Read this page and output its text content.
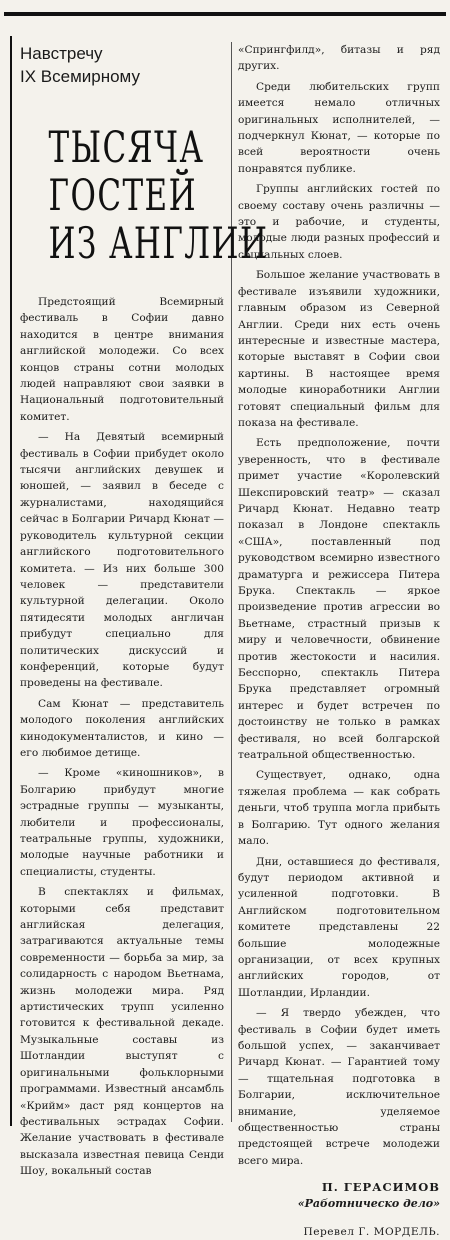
Навстречу
IX Всемирному
ТЫСЯЧА
ГОСТЕЙ
ИЗ АНГЛИИ

Предстоящий Всемирный фестиваль в Софии давно находится в центре внимания английской молодежи. Со всех концов страны сотни молодых людей направляют свои заявки в Национальный подготовительный комитет.

— На Девятый всемирный фестиваль в Софии прибудет около тысячи английских девушек и юношей, — заявил в беседе с журналистами, находящийся сейчас в Болгарии Ричард Кюнат — руководитель культурной секции английского подготовительного комитета. — Из них больше 300 человек — представители культурной делегации. Около пятидесяти молодых англичан прибудут специально для политических дискуссий и конференций, которые будут проведены на фестивале.

Сам Кюнат — представитель молодого поколения английских кинодокументалистов, и кино — его любимое детище.

— Кроме «киношников», в Болгарию прибудут многие эстрадные группы — музыканты, любители и профессионалы, театральные группы, художники, молодые научные работники и специалисты, студенты.

В спектаклях и фильмах, которыми себя представит английская делегация, затрагиваются актуальные темы современности — борьба за мир, за солидарность с народом Вьетнама, жизнь молодежи мира. Ряд артистических трупп усиленно готовится к фестивальной декаде. Музыкальные составы из Шотландии выступят с оригинальными фольклорными программами. Известный ансамбль «Крийм» даст ряд концертов на фестивальных эстрадах Софии. Желание участвовать в фестивале высказала известная певица Сенди Шоу, вокальный состав

«Спрингфилд», битазы и ряд других.

Среди любительских групп имеется немало отличных оригинальных исполнителей, — подчеркнул Кюнат, — которые по всей вероятности очень понравятся публике.

Группы английских гостей по своему составу очень различны — это и рабочие, и студенты, молодые люди разных профессий и социальных слоев.

Большое желание участвовать в фестивале изъявили художники, главным образом из Северной Англии. Среди них есть очень интересные и известные мастера, которые выставят в Софии свои картины. В настоящее время молодые кинoработники Англии готовят специальный фильм для показа на фестивале.

Есть предположение, почти уверенность, что в фестивале примет участие «Королевский Шекспировский театр» — сказал Ричард Кюнат. Недавно театр показал в Лондоне спектакль «США», поставленный под руководством всемирно известного драматурга и режиссера Питера Брука. Спектакль — яркое произведение против агрессии во Вьетнаме, страстный призыв к миру и человечности, обвинение против жестокости и насилия. Бесспорно, спектакль Питера Брука представляет огромный интерес и будет встречен по достоинству не только в рамках фестиваля, но всей болгарской театральной общественностью.

Существует, однако, одна тяжелая проблема — как собрать деньги, чтоб труппа могла прибыть в Болгарию. Тут одного желания мало.

Дни, оставшиеся до фестиваля, будут периодом активной и усиленной подготовки. В Английском подготовительном комитете представлены 22 большие молодежные организации, от всех крупных английских городов, от Шотландии, Ирландии.

— Я твердо убежден, что фестиваль в Софии будет иметь большой успех, — заканчивает Ричард Кюнат. — Гарантией тому — тщательная подготовка в Болгарии, исключительное внимание, уделяемое общественностью страны предстоящей встрече молодежи всего мира.

П. ГЕРАСИМОВ
«Работническо дело»
Перевел Г. МОРДЕЛЬ.
